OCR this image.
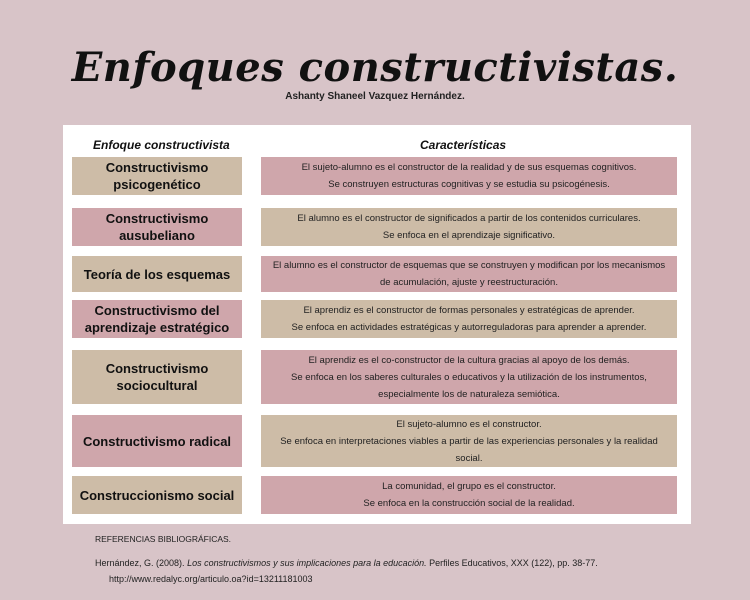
Enfoques constructivistas.
Ashanty Shaneel Vazquez Hernández.
Enfoque constructivista	Características
Constructivismo psicogenético
El sujeto-alumno es el constructor de la realidad y de sus esquemas cognitivos.
Se construyen estructuras cognitivas y se estudia su psicogénesis.
Constructivismo ausubeliano
El alumno es el constructor de significados a partir de los contenidos curriculares.
Se enfoca en el aprendizaje significativo.
Teoría de los esquemas
El alumno es el constructor de esquemas que se construyen y modifican por los mecanismos
de acumulación, ajuste y reestructuración.
Constructivismo del aprendizaje estratégico
El aprendiz es el constructor de formas personales y estratégicas de aprender.
Se enfoca en actividades estratégicas y autorreguladoras para aprender a aprender.
Constructivismo sociocultural
El aprendiz es el co-constructor de la cultura gracias al apoyo de los demás.
Se enfoca en los saberes culturales o educativos y la utilización de los instrumentos,
especialmente los de naturaleza semiótica.
Constructivismo radical
El sujeto-alumno es el constructor.
Se enfoca en interpretaciones viables a partir de las experiencias personales y la realidad
social.
Construccionismo social
La comunidad, el grupo es el constructor.
Se enfoca en la construcción social de la realidad.
REFERENCIAS BIBLIOGRÁFICAS.
Hernández, G. (2008). Los constructivismos y sus implicaciones para la educación. Perfiles Educativos, XXX (122), pp. 38-77.
http://www.redalyc.org/articulo.oa?id=13211181003
